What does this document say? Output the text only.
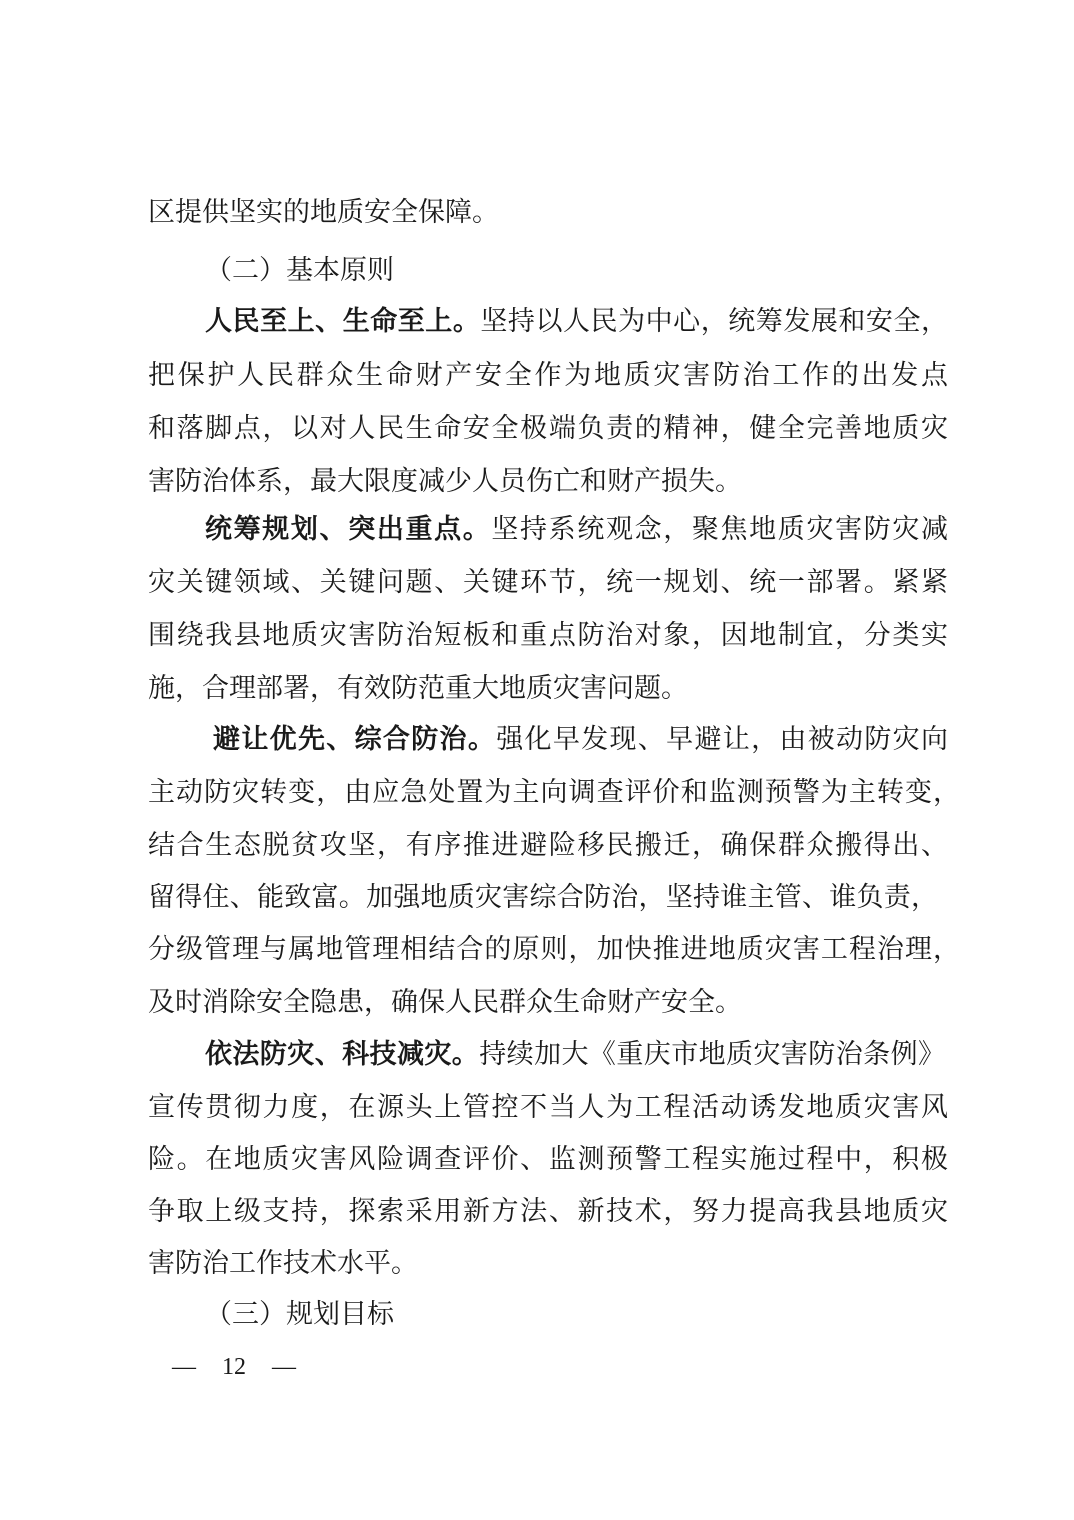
区提供坚实的地质安全保障。

（二）基本原则

人民至上、生命至上。坚持以人民为中心，统筹发展和安全，

把保护人民群众生命财产安全作为地质灾害防治工作的出发点

和落脚点，以对人民生命安全极端负责的精神，健全完善地质灾

害防治体系，最大限度减少人员伤亡和财产损失。

统筹规划、突出重点。坚持系统观念，聚焦地质灾害防灾减

灾关键领域、关键问题、关键环节，统一规划、统一部署。紧紧

围绕我县地质灾害防治短板和重点防治对象，因地制宜，分类实

施，合理部署，有效防范重大地质灾害问题。

避让优先、综合防治。强化早发现、早避让，由被动防灾向

主动防灾转变，由应急处置为主向调查评价和监测预警为主转变，

结合生态脱贫攻坚，有序推进避险移民搬迁，确保群众搬得出、

留得住、能致富。加强地质灾害综合防治，坚持谁主管、谁负责，

分级管理与属地管理相结合的原则，加快推进地质灾害工程治理，

及时消除安全隐患，确保人民群众生命财产安全。

依法防灾、科技减灾。持续加大《重庆市地质灾害防治条例》

宣传贯彻力度，在源头上管控不当人为工程活动诱发地质灾害风

险。在地质灾害风险调查评价、监测预警工程实施过程中，积极

争取上级支持，探索采用新方法、新技术，努力提高我县地质灾

害防治工作技术水平。

（三）规划目标

— 12 —
